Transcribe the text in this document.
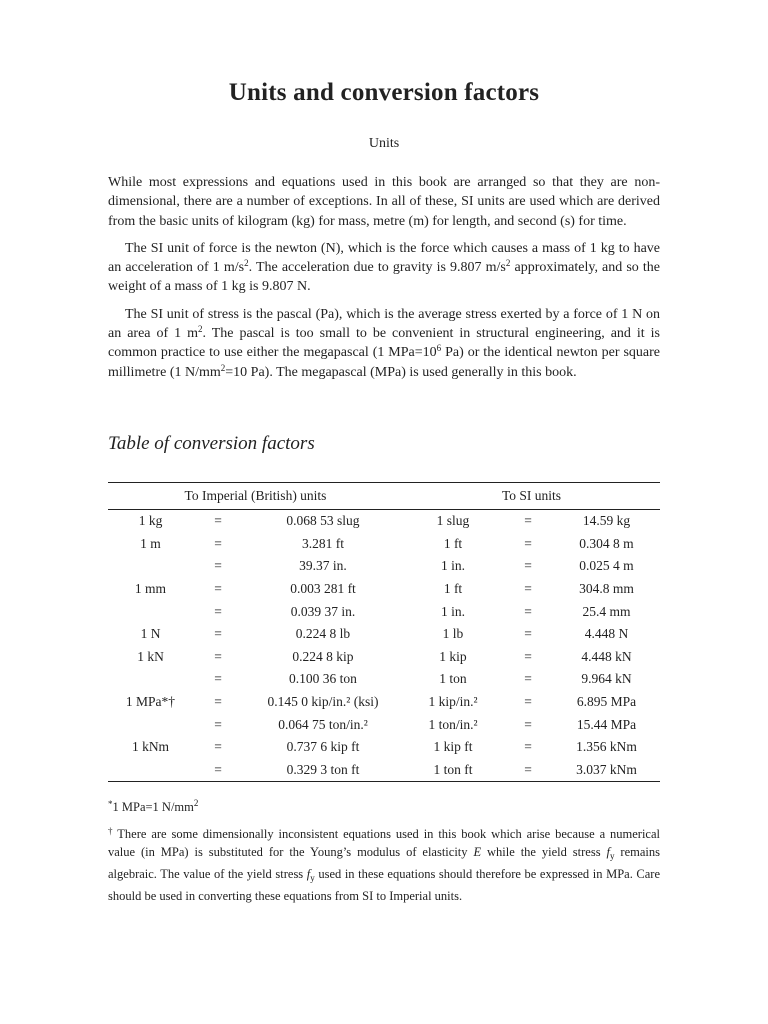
Units and conversion factors
Units

While most expressions and equations used in this book are arranged so that they are non-dimensional, there are a number of exceptions. In all of these, SI units are used which are derived from the basic units of kilogram (kg) for mass, metre (m) for length, and second (s) for time.

The SI unit of force is the newton (N), which is the force which causes a mass of 1 kg to have an acceleration of 1 $m/s^2$. The acceleration due to gravity is 9.807 $m/s^2$ approximately, and so the weight of a mass of 1 kg is 9.807 N.

The SI unit of stress is the pascal (Pa), which is the average stress exerted by a force of 1 N on an area of 1 $m^2$. The pascal is too small to be convenient in structural engineering, and it is common practice to use either the megapascal (1 $MPa=10^6$ Pa) or the identical newton per square millimetre (1 $N/mm^2=10$ Pa). The megapascal (MPa) is used generally in this book.

Table of conversion factors
To Imperial (British) units			To SI units		
1 kg	=	0.068 53 slug	1 slug	=	14.59 kg
1 m	=	3.281 ft	1 ft	=	0.304 8 m
	=	39.37 in.	1 in.	=	0.025 4 m
1 mm	=	0.003 281 ft	1 ft	=	304.8 mm
	=	0.039 37 in.	1 in.	=	25.4 mm
1 N	=	0.224 8 lb	1 lb	=	4.448 N
1 kN	=	0.224 8 kip	1 kip	=	4.448 kN
	=	0.100 36 ton	1 ton	=	9.964 kN
1 MPa*†	=	0.145 0 kip/in.² (ksi)	1 kip/in.²	=	6.895 MPa
	=	0.064 75 ton/in.²	1 ton/in.²	=	15.44 MPa
1 kNm	=	0.737 6 kip ft	1 kip ft	=	1.356 kNm
	=	0.329 3 ton ft	1 ton ft	=	3.037 kNm
*1 MPa=1 $N/mm^2$
† There are some dimensionally inconsistent equations used in this book which arise because a numerical value (in MPa) is substituted for the Young’s modulus of elasticity E while the yield stress $f_y$ remains algebraic. The value of the yield stress $f_y$ used in these equations should therefore be expressed in MPa. Care should be used in converting these equations from SI to Imperial units.
